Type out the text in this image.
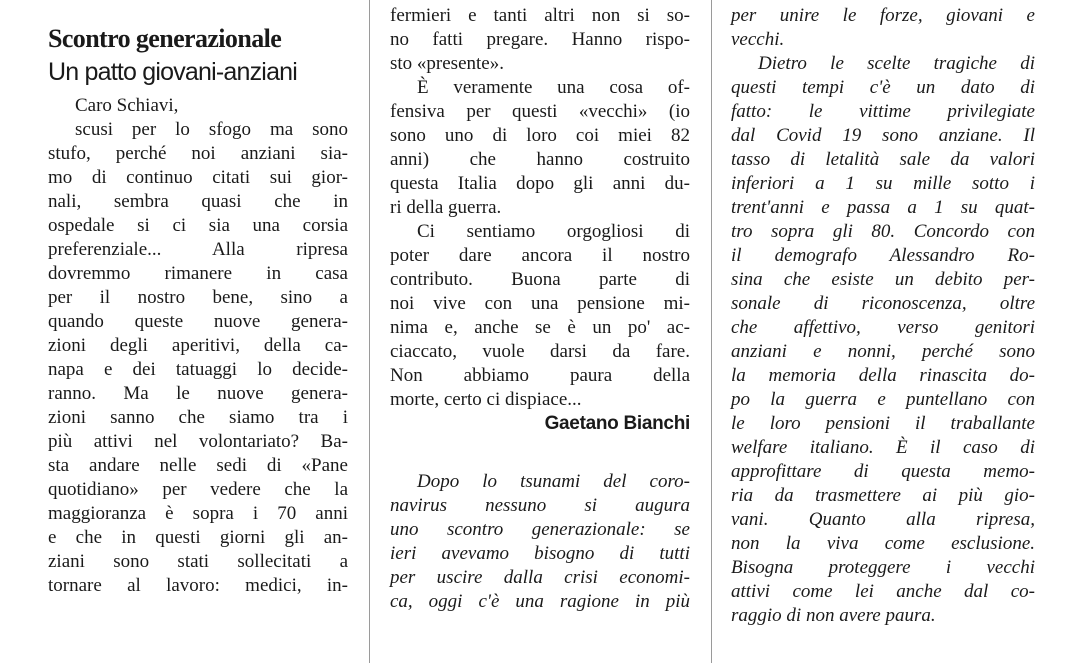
Scontro generazionale
Un patto giovani-anziani
Caro Schiavi,
scusi per lo sfogo ma sono
stufo, perché noi anziani sia-
mo di continuo citati sui gior-
nali, sembra quasi che in
ospedale si ci sia una corsia
preferenziale... Alla ripresa
dovremmo rimanere in casa
per il nostro bene, sino a
quando queste nuove genera-
zioni degli aperitivi, della ca-
napa e dei tatuaggi lo decide-
ranno. Ma le nuove genera-
zioni sanno che siamo tra i
più attivi nel volontariato? Ba-
sta andare nelle sedi di «Pane
quotidiano» per vedere che la
maggioranza è sopra i 70 anni
e che in questi giorni gli an-
ziani sono stati sollecitati a
tornare al lavoro: medici, in-
fermieri e tanti altri non si so-
no fatti pregare. Hanno rispo-
sto «presente».
È veramente una cosa of-
fensiva per questi «vecchi» (io
sono uno di loro coi miei 82
anni) che hanno costruito
questa Italia dopo gli anni du-
ri della guerra.
Ci sentiamo orgogliosi di
poter dare ancora il nostro
contributo. Buona parte di
noi vive con una pensione mi-
nima e, anche se è un po' ac-
ciaccato, vuole darsi da fare.
Non abbiamo paura della
morte, certo ci dispiace...
Gaetano Bianchi
Dopo lo tsunami del coro-
navirus nessuno si augura
uno scontro generazionale: se
ieri avevamo bisogno di tutti
per uscire dalla crisi economi-
ca, oggi c'è una ragione in più
per unire le forze, giovani e
vecchi.
Dietro le scelte tragiche di
questi tempi c'è un dato di
fatto: le vittime privilegiate
dal Covid 19 sono anziane. Il
tasso di letalità sale da valori
inferiori a 1 su mille sotto i
trent'anni e passa a 1 su quat-
tro sopra gli 80. Concordo con
il demografo Alessandro Ro-
sina che esiste un debito per-
sonale di riconoscenza, oltre
che affettivo, verso genitori
anziani e nonni, perché sono
la memoria della rinascita do-
po la guerra e puntellano con
le loro pensioni il traballante
welfare italiano. È il caso di
approfittare di questa memo-
ria da trasmettere ai più gio-
vani. Quanto alla ripresa,
non la viva come esclusione.
Bisogna proteggere i vecchi
attivi come lei anche dal co-
raggio di non avere paura.
